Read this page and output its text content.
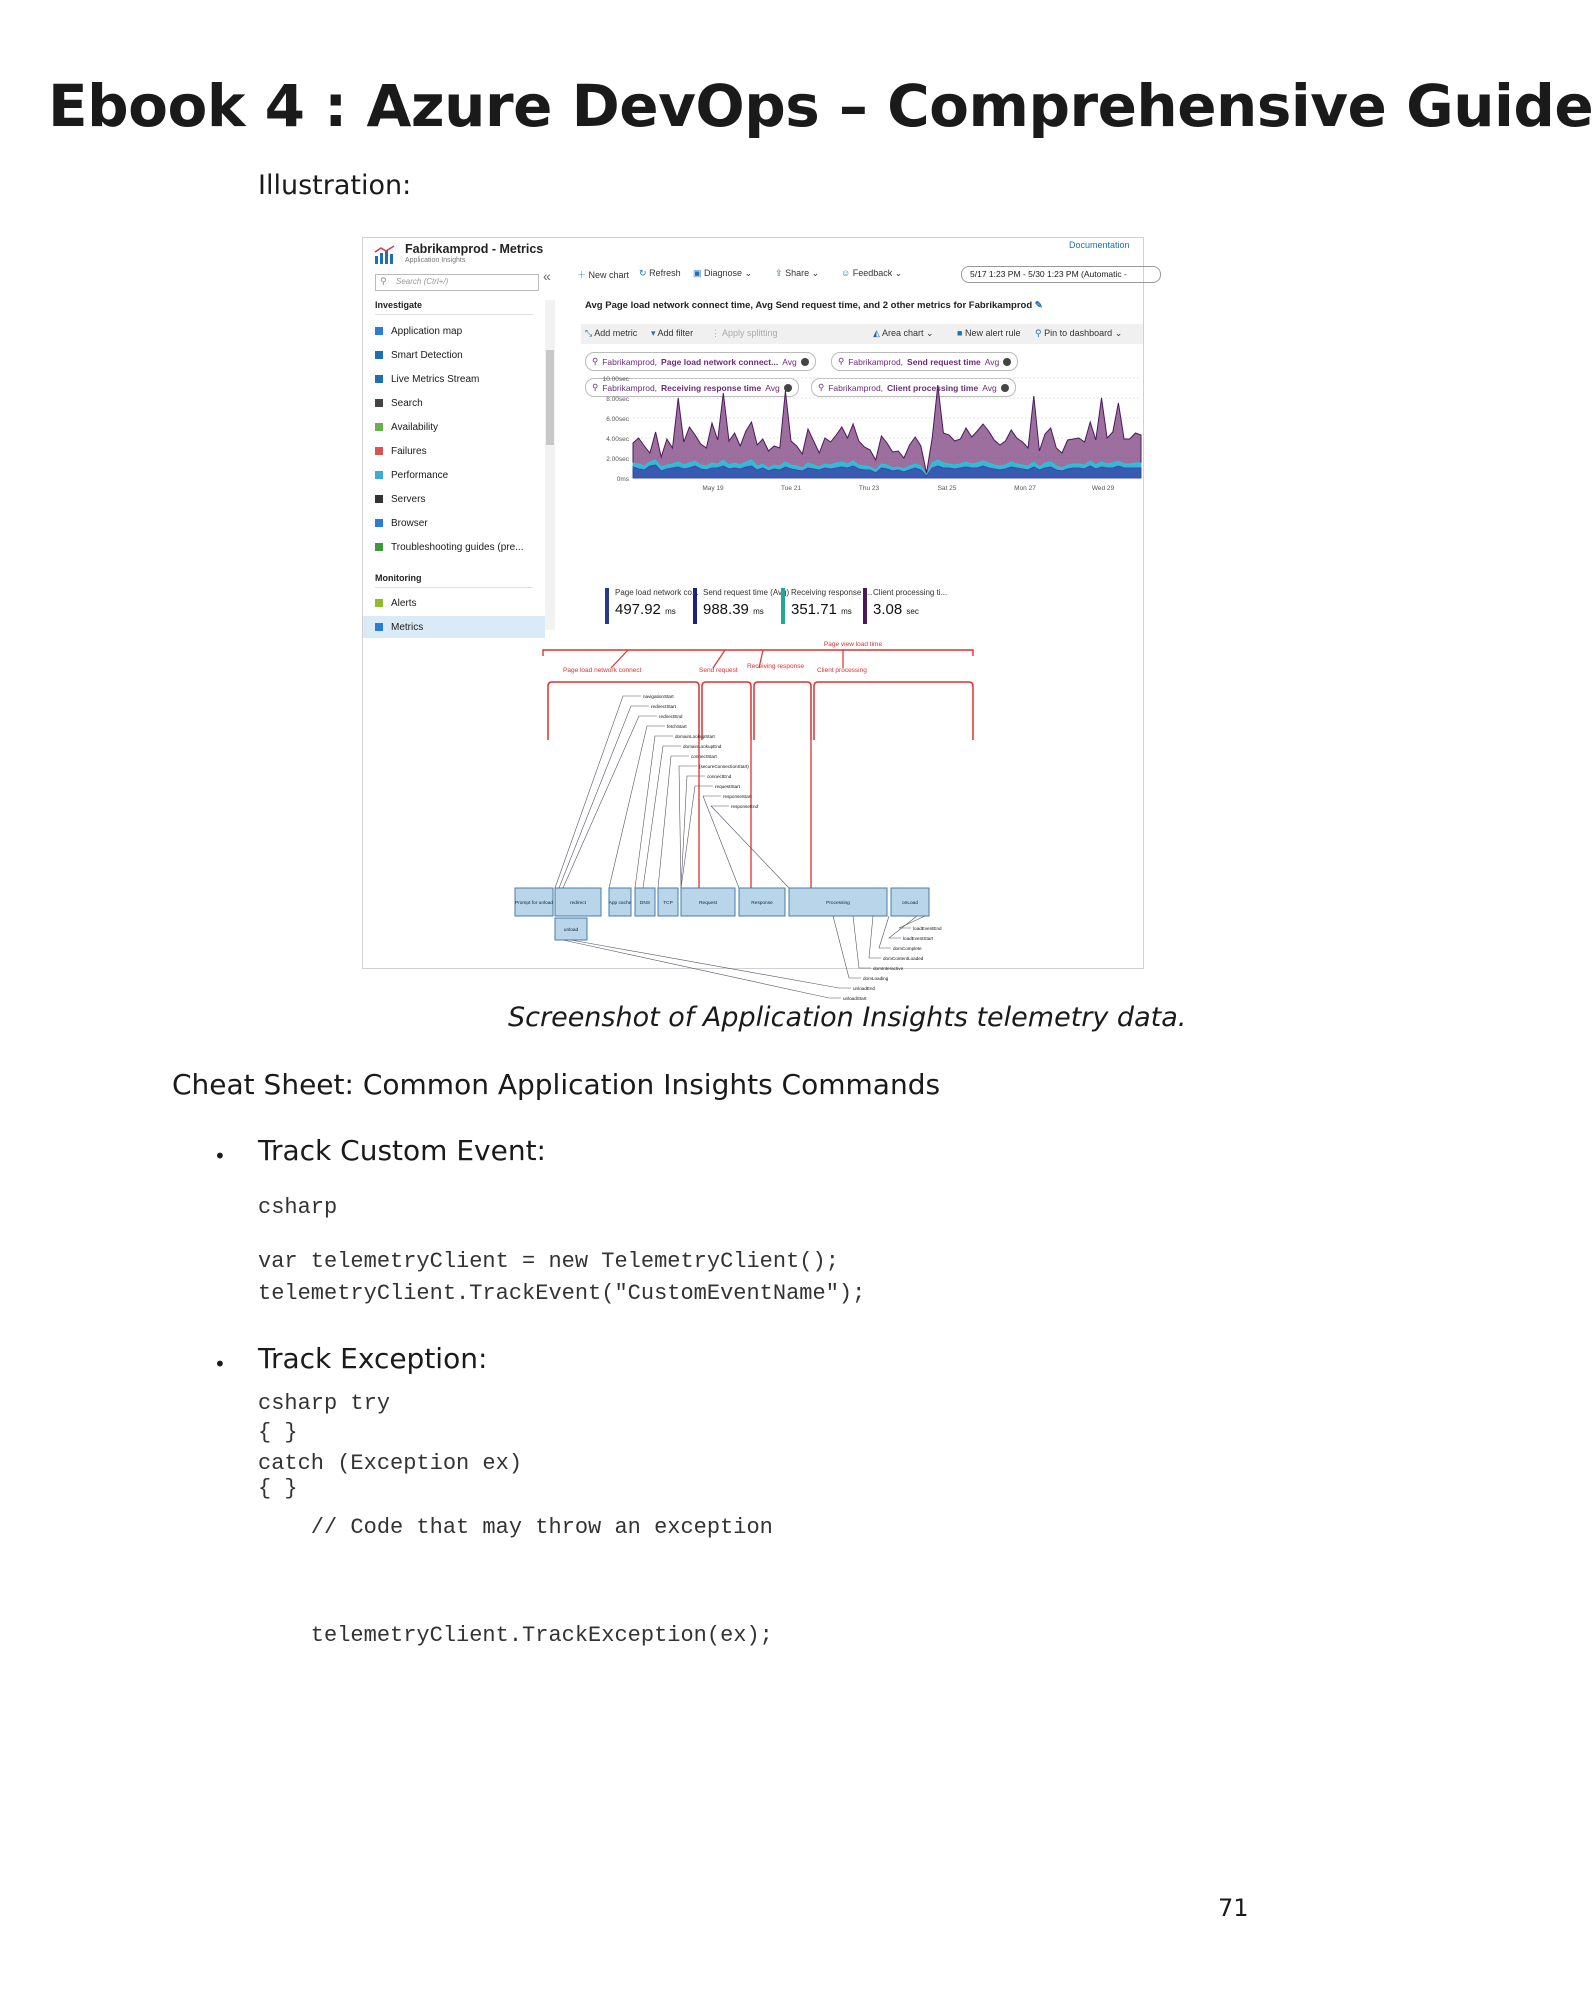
Ebook 4 : Azure DevOps – Comprehensive Guide
Illustration:
Fabrikamprod - Metrics
Application Insights
Documentation
⚲ Search (Ctrl+/)	«
Investigate
Application map
Smart Detection
Live Metrics Stream
Search
Availability
Failures
Performance
Servers
Browser
Troubleshooting guides (pre...
Monitoring
Alerts
Metrics
＋ New chart ↻ Refresh ▣ Diagnose ⌄	⇪ Share ⌄ ☺ Feedback ⌄	5/17 1:23 PM - 5/30 1:23 PM (Automatic -
Avg Page load network connect time, Avg Send request time, and 2 other metrics for Fabrikamprod ✎
⤡ Add metric ▾ Add filter ⋮ Apply splitting	◭ Area chart ⌄	■ New alert rule ⚲ Pin to dashboard ⌄
⚲ Fabrikamprod, Page load network connect... Avg	⚲ Fabrikamprod, Send request time Avg
⚲ Fabrikamprod, Receiving response time Avg	⚲ Fabrikamprod, Client processing time Avg
0ms
2.00sec
4.00sec
6.00sec
8.00sec
10.00sec
May 19	Tue 21	Thu 23	Sat 25	Mon 27	Wed 29
Page load network co...
497.92 ms
Send request time (Avg)
988.39 ms
Receiving response t...
351.71 ms
Client processing ti...
3.08 sec
Page view load time
Page load network connect	Send request
Receiving response
Client processing
Prompt for unload	redirect	App cache DNS	TCP	Request	Response	Processing	onLoad
unload
navigationStart
redirectStart
redirectEnd
fetchStart
domainLookupStart
domainLookupEnd
connectStart
(secureConnectionStart)
connectEnd
requestStart
responseStart
responseEnd
loadEventEnd
loadEventStart
domComplete
domContentLoaded
domInteractive
domLoading
unloadEnd
unloadStart
Screenshot of Application Insights telemetry data.
Cheat Sheet: Common Application Insights Commands
• Track Custom Event:
csharp
var telemetryClient = new TelemetryClient();
telemetryClient.TrackEvent("CustomEventName");
• Track Exception:
csharp try
{ }
catch (Exception ex)
{ }
// Code that may throw an exception
telemetryClient.TrackException(ex);
71
